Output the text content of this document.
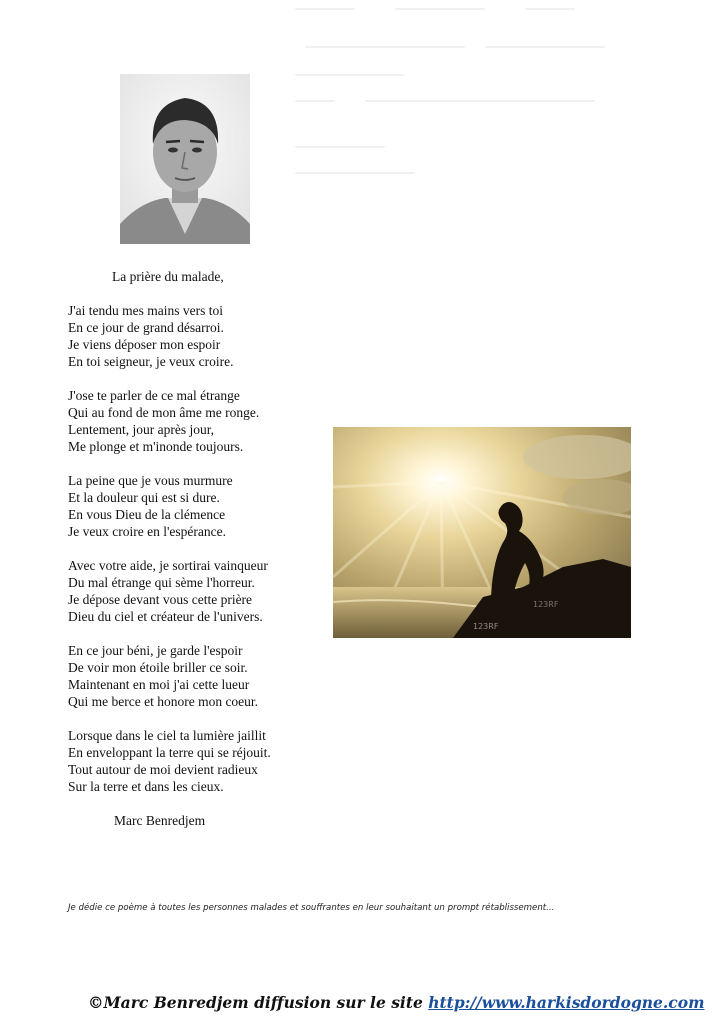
La prière du malade,
J'ai tendu mes mains vers toi
En ce jour de grand désarroi.
Je viens déposer mon espoir
En toi seigneur, je veux croire.
J'ose te parler de ce mal étrange
Qui au fond de mon âme me ronge.
Lentement, jour après jour,
Me plonge et m'inonde toujours.
La peine que je vous murmure
Et la douleur qui est si dure.
En vous Dieu de la clémence
Je veux croire en l'espérance.
Avec votre aide, je sortirai vainqueur
Du mal étrange qui sème l'horreur.
Je dépose devant vous cette prière
Dieu du ciel et créateur de l'univers.
En ce jour béni, je garde l'espoir
De voir mon étoile briller ce soir.
Maintenant en moi j'ai cette lueur
Qui me berce et honore mon coeur.
Lorsque dans le ciel ta lumière jaillit
En enveloppant la terre qui se réjouit.
Tout autour de moi devient radieux
Sur la terre et dans les cieux.
Marc Benredjem
123RF
123RF
Je dédie ce poème à toutes les personnes malades et souffrantes en leur souhaitant un prompt rétablissement...
©Marc Benredjem diffusion sur le site http://www.harkisdordogne.com
